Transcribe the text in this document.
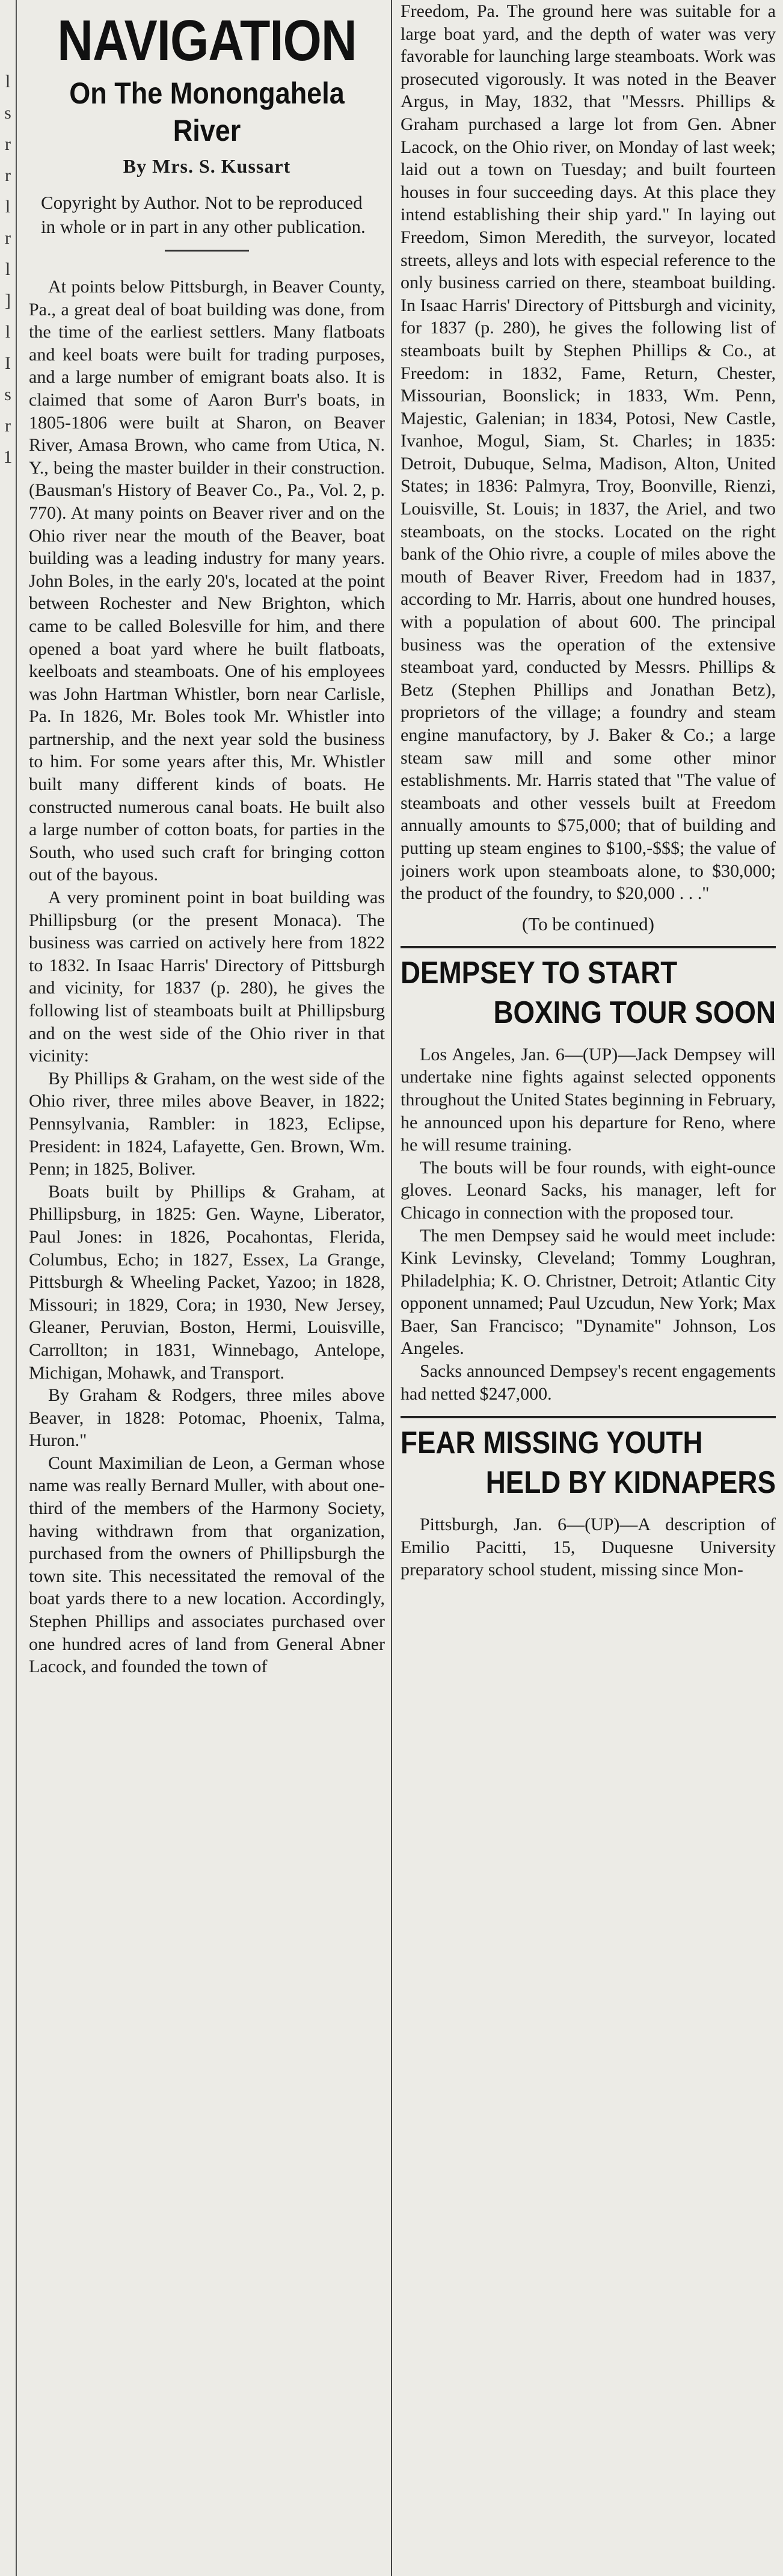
l
s
r
r
l
r
l
]
l
I
s
r
1
NAVIGATION
On The Monongahela River
By Mrs. S. Kussart
Copyright by Author. Not to be reproduced in whole or in part in any other publication.

At points below Pittsburgh, in Beaver County, Pa., a great deal of boat building was done, from the time of the earliest settlers. Many flatboats and keel boats were built for trading purposes, and a large number of emigrant boats also. It is claimed that some of Aaron Burr's boats, in 1805-1806 were built at Sharon, on Beaver River, Amasa Brown, who came from Utica, N. Y., being the master builder in their construction. (Bausman's History of Beaver Co., Pa., Vol. 2, p. 770). At many points on Beaver river and on the Ohio river near the mouth of the Beaver, boat building was a leading industry for many years. John Boles, in the early 20's, located at the point between Rochester and New Brighton, which came to be called Bolesville for him, and there opened a boat yard where he built flatboats, keelboats and steamboats. One of his employees was John Hartman Whistler, born near Carlisle, Pa. In 1826, Mr. Boles took Mr. Whistler into partnership, and the next year sold the business to him. For some years after this, Mr. Whistler built many different kinds of boats. He constructed numerous canal boats. He built also a large number of cotton boats, for parties in the South, who used such craft for bringing cotton out of the bayous.

A very prominent point in boat building was Phillipsburg (or the present Monaca). The business was carried on actively here from 1822 to 1832. In Isaac Harris' Directory of Pittsburgh and vicinity, for 1837 (p. 280), he gives the following list of steamboats built at Phillipsburg and on the west side of the Ohio river in that vicinity:

By Phillips & Graham, on the west side of the Ohio river, three miles above Beaver, in 1822; Pennsylvania, Rambler: in 1823, Eclipse, President: in 1824, Lafayette, Gen. Brown, Wm. Penn; in 1825, Boliver.

Boats built by Phillips & Graham, at Phillipsburg, in 1825: Gen. Wayne, Liberator, Paul Jones: in 1826, Pocahontas, Flerida, Columbus, Echo; in 1827, Essex, La Grange, Pittsburgh & Wheeling Packet, Yazoo; in 1828, Missouri; in 1829, Cora; in 1930, New Jersey, Gleaner, Peruvian, Boston, Hermi, Louisville, Carrollton; in 1831, Winnebago, Antelope, Michigan, Mohawk, and Transport.

By Graham & Rodgers, three miles above Beaver, in 1828: Potomac, Phoenix, Talma, Huron."

Count Maximilian de Leon, a German whose name was really Bernard Muller, with about one-third of the members of the Harmony Society, having withdrawn from that organization, purchased from the owners of Phillipsburgh the town site. This necessitated the removal of the boat yards there to a new location. Accordingly, Stephen Phillips and associates purchased over one hundred acres of land from General Abner Lacock, and founded the town of

Freedom, Pa. The ground here was suitable for a large boat yard, and the depth of water was very favorable for launching large steamboats. Work was prosecuted vigorously. It was noted in the Beaver Argus, in May, 1832, that "Messrs. Phillips & Graham purchased a large lot from Gen. Abner Lacock, on the Ohio river, on Monday of last week; laid out a town on Tuesday; and built fourteen houses in four succeeding days. At this place they intend establishing their ship yard." In laying out Freedom, Simon Meredith, the surveyor, located streets, alleys and lots with especial reference to the only business carried on there, steamboat building. In Isaac Harris' Directory of Pittsburgh and vicinity, for 1837 (p. 280), he gives the following list of steamboats built by Stephen Phillips & Co., at Freedom: in 1832, Fame, Return, Chester, Missourian, Boonslick; in 1833, Wm. Penn, Majestic, Galenian; in 1834, Potosi, New Castle, Ivanhoe, Mogul, Siam, St. Charles; in 1835: Detroit, Dubuque, Selma, Madison, Alton, United States; in 1836: Palmyra, Troy, Boonville, Rienzi, Louisville, St. Louis; in 1837, the Ariel, and two steamboats, on the stocks. Located on the right bank of the Ohio rivre, a couple of miles above the mouth of Beaver River, Freedom had in 1837, according to Mr. Harris, about one hundred houses, with a population of about 600. The principal business was the operation of the extensive steamboat yard, conducted by Messrs. Phillips & Betz (Stephen Phillips and Jonathan Betz), proprietors of the village; a foundry and steam engine manufactory, by J. Baker & Co.; a large steam saw mill and some other minor establishments. Mr. Harris stated that "The value of steamboats and other vessels built at Freedom annually amounts to $75,000; that of building and putting up steam engines to $100,-$$$; the value of joiners work upon steamboats alone, to $30,000; the product of the foundry, to $20,000 . . ."

(To be continued)
DEMPSEY TO START
BOXING TOUR SOON

Los Angeles, Jan. 6—(UP)—Jack Dempsey will undertake nine fights against selected opponents throughout the United States beginning in February, he announced upon his departure for Reno, where he will resume training.

The bouts will be four rounds, with eight-ounce gloves. Leonard Sacks, his manager, left for Chicago in connection with the proposed tour.

The men Dempsey said he would meet include: Kink Levinsky, Cleveland; Tommy Loughran, Philadelphia; K. O. Christner, Detroit; Atlantic City opponent unnamed; Paul Uzcudun, New York; Max Baer, San Francisco; "Dynamite" Johnson, Los Angeles.

Sacks announced Dempsey's recent engagements had netted $247,000.

FEAR MISSING YOUTH
HELD BY KIDNAPERS

Pittsburgh, Jan. 6—(UP)—A description of Emilio Pacitti, 15, Duquesne University preparatory school student, missing since Mon-
